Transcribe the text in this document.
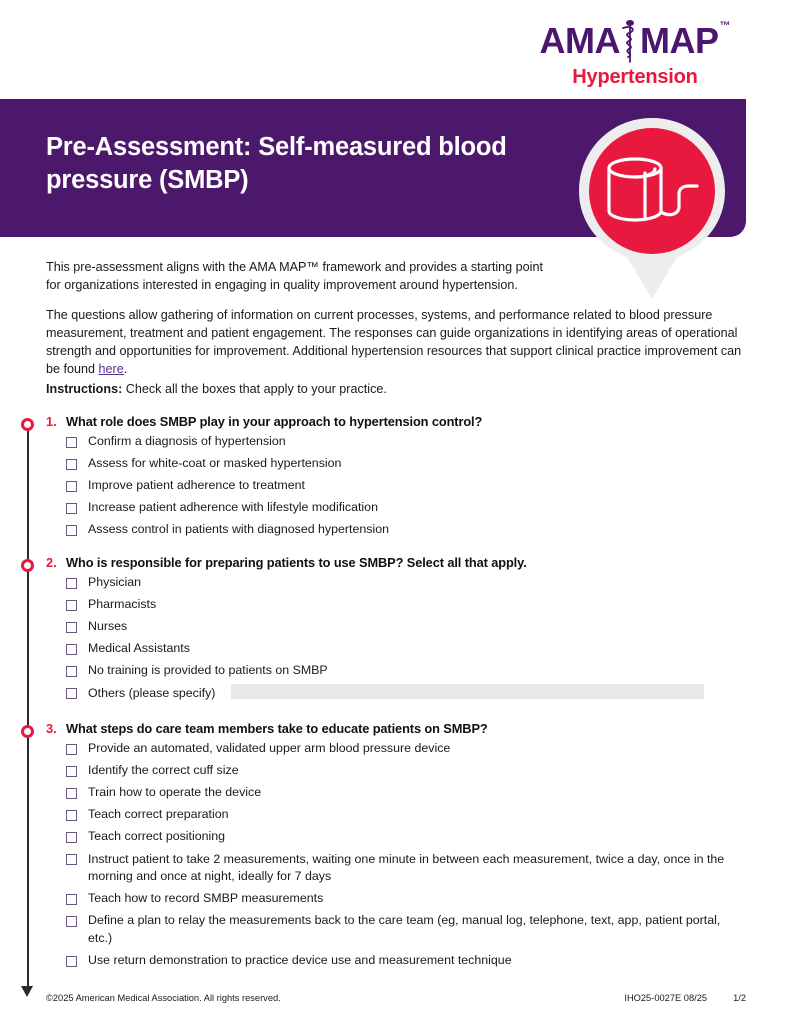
AMA MAP ™
Hypertension
Pre-Assessment: Self-measured blood pressure (SMBP)

This pre-assessment aligns with the AMA MAP™ framework and provides a starting point for organizations interested in engaging in quality improvement around hypertension.

The questions allow gathering of information on current processes, systems, and performance related to blood pressure measurement, treatment and patient engagement. The responses can guide organizations in identifying areas of operational strength and opportunities for improvement. Additional hypertension resources that support clinical practice improvement can be found here.

Instructions: Check all the boxes that apply to your practice.
1. What role does SMBP play in your approach to hypertension control?
Confirm a diagnosis of hypertension
Assess for white-coat or masked hypertension
Improve patient adherence to treatment
Increase patient adherence with lifestyle modification
Assess control in patients with diagnosed hypertension
2. Who is responsible for preparing patients to use SMBP? Select all that apply.
Physician
Pharmacists
Nurses
Medical Assistants
No training is provided to patients on SMBP
Others (please specify)
3. What steps do care team members take to educate patients on SMBP?
Provide an automated, validated upper arm blood pressure device
Identify the correct cuff size
Train how to operate the device
Teach correct preparation
Teach correct positioning
Instruct patient to take 2 measurements, waiting one minute in between each measurement, twice a day, once in the morning and once at night, ideally for 7 days
Teach how to record SMBP measurements
Define a plan to relay the measurements back to the care team (eg, manual log, telephone, text, app, patient portal, etc.)
Use return demonstration to practice device use and measurement technique
©2025 American Medical Association. All rights reserved.	IHO25-0027E 08/25	1/2
